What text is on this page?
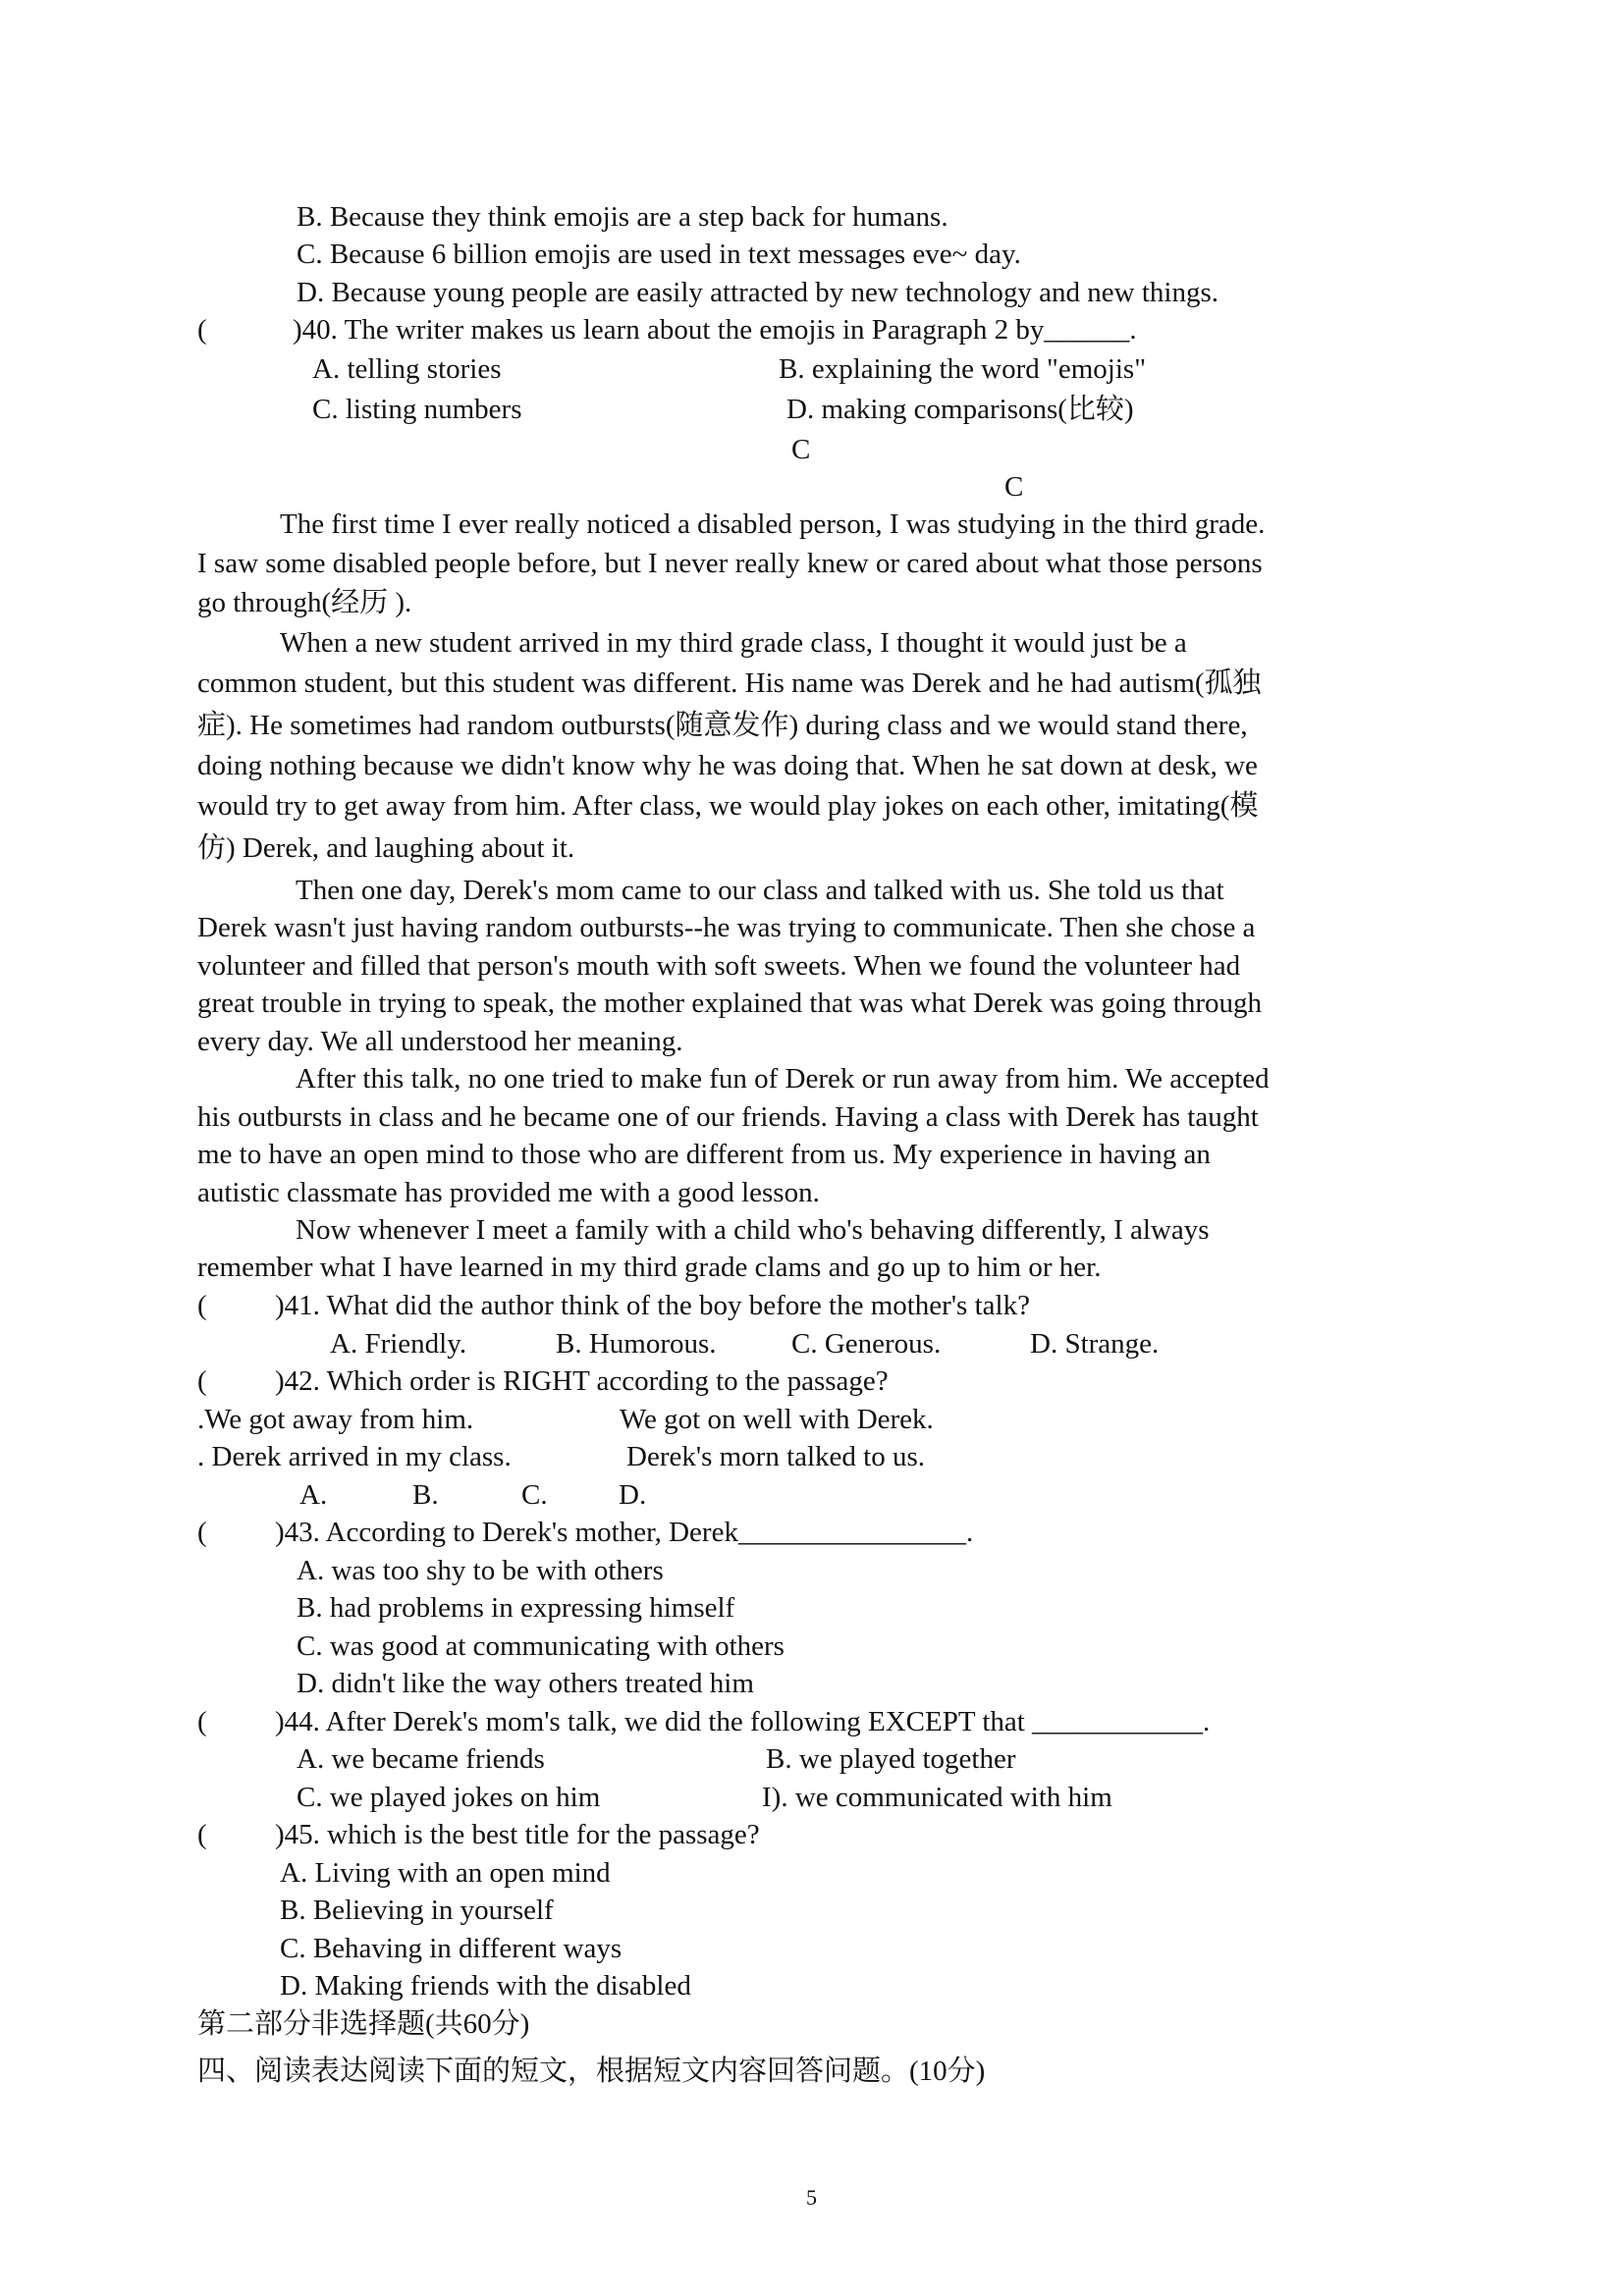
B. Because they think emojis are a step back for humans.
C. Because 6 billion emojis are used in text messages eve~ day.
D. Because young people are easily attracted by new technology and new things.
(	)40. The writer makes us learn about the emojis in Paragraph 2 by______.
A. telling stories	B. explaining the word "emojis"
C. listing numbers	D. making comparisons(比较)
C
C
The first time I ever really noticed a disabled person, I was studying in the third grade.
I saw some disabled people before, but I never really knew or cared about what those persons
go through(经历 ).
When a new student arrived in my third grade class, I thought it would just be a
common student, but this student was different. His name was Derek and he had autism(孤独
症). He sometimes had random outbursts(随意发作) during class and we would stand there,
doing nothing because we didn't know why he was doing that. When he sat down at desk, we
would try to get away from him. After class, we would play jokes on each other, imitating(模
仿) Derek, and laughing about it.
Then one day, Derek's mom came to our class and talked with us. She told us that
Derek wasn't just having random outbursts--he was trying to communicate. Then she chose a
volunteer and filled that person's mouth with soft sweets. When we found the volunteer had
great trouble in trying to speak, the mother explained that was what Derek was going through
every day. We all understood her meaning.
After this talk, no one tried to make fun of Derek or run away from him. We accepted
his outbursts in class and he became one of our friends. Having a class with Derek has taught
me to have an open mind to those who are different from us. My experience in having an
autistic classmate has provided me with a good lesson.
Now whenever I meet a family with a child who's behaving differently, I always
remember what I have learned in my third grade clams and go up to him or her.
( )41. What did the author think of the boy before the mother's talk?
A. Friendly.	B. Humorous.	C. Generous.	D. Strange.
( )42. Which order is RIGHT according to the passage?
.We got away from him.	We got on well with Derek.
. Derek arrived in my class.	Derek's morn talked to us.
A.	B.	C. D.
( )43. According to Derek's mother, Derek________________.
A. was too shy to be with others
B. had problems in expressing himself
C. was good at communicating with others
D. didn't like the way others treated him
( )44. After Derek's mom's talk, we did the following EXCEPT that ____________.
A. we became friends	B. we played together
C. we played jokes on him	I). we communicated with him
( )45. which is the best title for the passage?
A. Living with an open mind
B. Believing in yourself
C. Behaving in different ways
D. Making friends with the disabled
第二部分非选择题(共60分)
四、阅读表达阅读下面的短文，根据短文内容回答问题。(10分)
5
